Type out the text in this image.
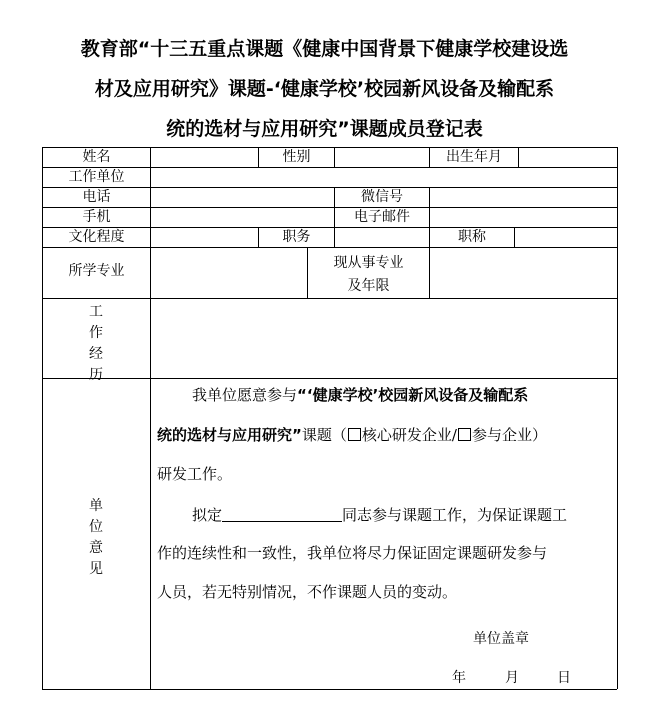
教育部“十三五重点课题《健康中国背景下健康学校建设选
材及应用研究》课题-‘健康学校’校园新风设备及输配系
统的选材与应用研究”课题成员登记表
姓名	性别	出生年月
工作单位
电话	微信号
手机	电子邮件
文化程度	职务	职称
所学专业	现从事专业
及年限
工
作
经
历
单
位
意
见
我单位愿意参与“‘健康学校’校园新风设备及输配系
统的选材与应用研究”课题（ 核心研发企业/ 参与企业）
研发工作。
拟定	同志参与课题工作，为保证课题工
作的连续性和一致性，我单位将尽力保证固定课题研发参与
人员，若无特别情况，不作课题人员的变动。
单位盖章
年	月	日
